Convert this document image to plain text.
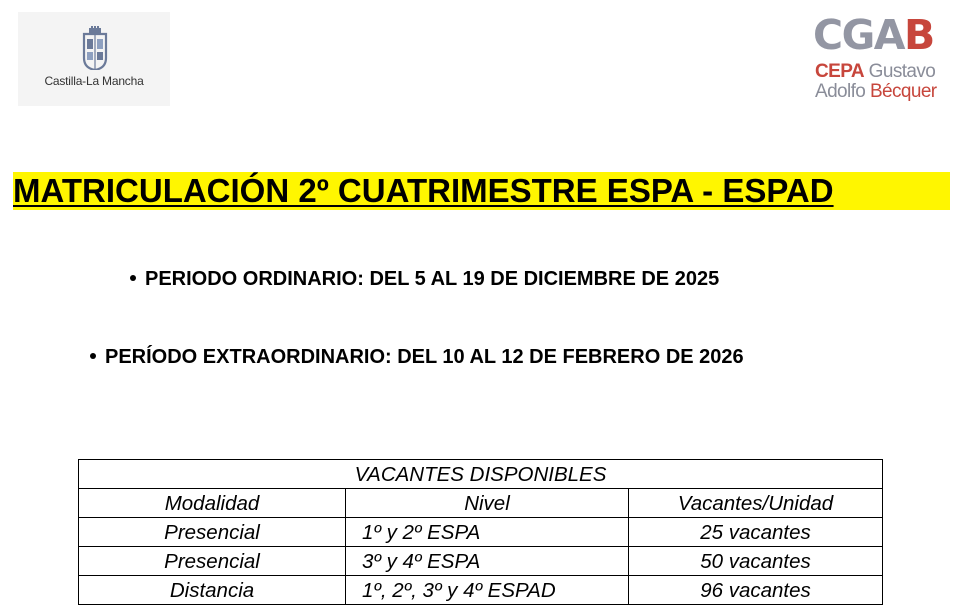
Castilla-La Mancha
CGAB
CEPA Gustavo
Adolfo Bécquer
MATRICULACIÓN 2º CUATRIMESTRE ESPA - ESPAD
PERIODO ORDINARIO: DEL 5 AL 19 DE DICIEMBRE DE 2025
PERÍODO EXTRAORDINARIO: DEL 10 AL 12 DE FEBRERO DE 2026
VACANTES DISPONIBLES		
Modalidad	Nivel	Vacantes/Unidad
Presencial	1º y 2º ESPA	25 vacantes
Presencial	3º y 4º ESPA	50 vacantes
Distancia	1º, 2º, 3º y 4º ESPAD	96 vacantes
